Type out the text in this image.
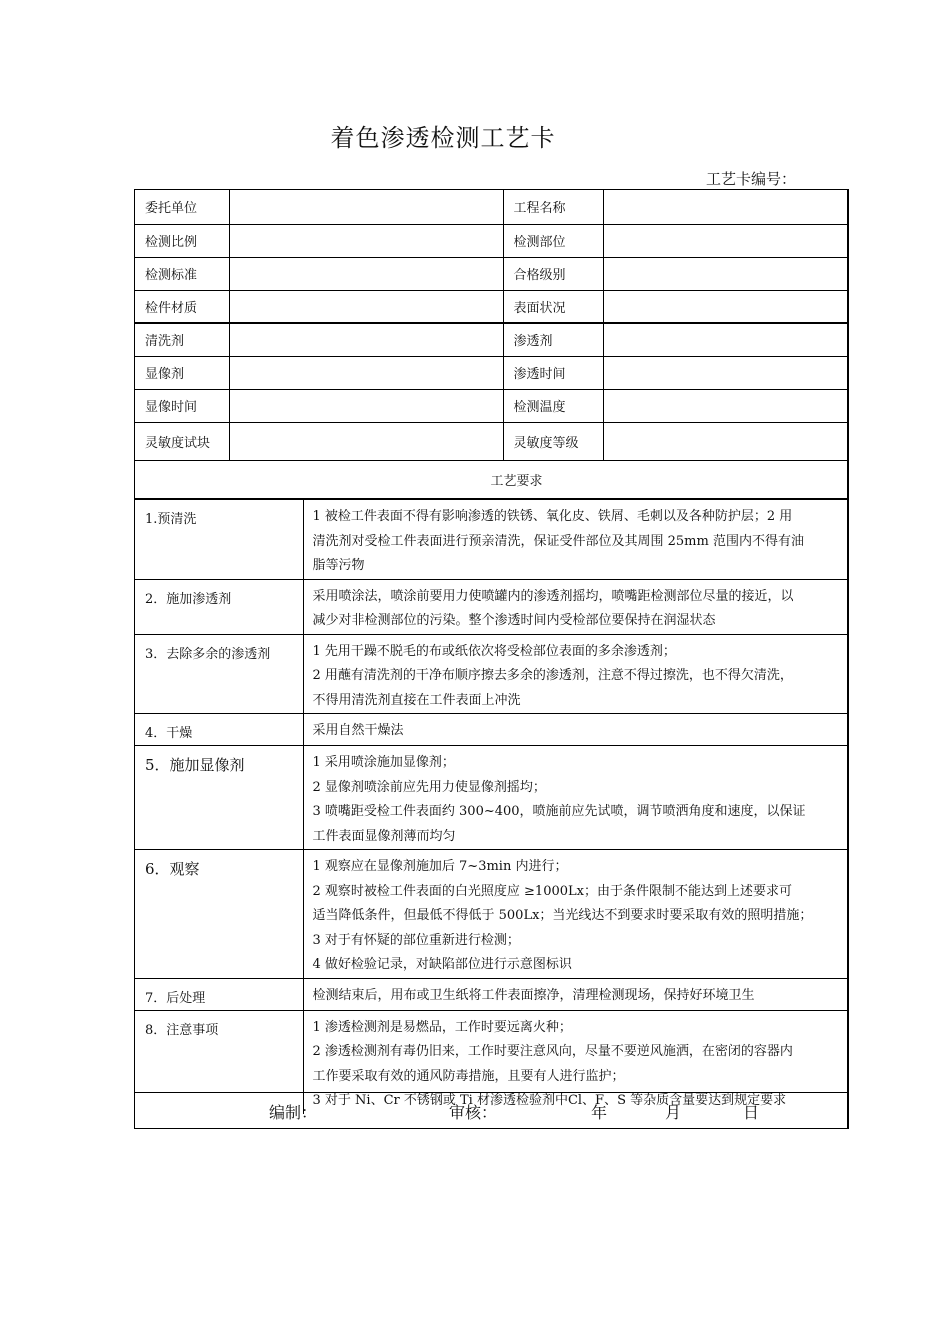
着色渗透检测工艺卡
工艺卡编号：
委托单位		工程名称	
检测比例		检测部位	
检测标准		合格级别	
检件材质		表面状况	
清洗剂		渗透剂	
显像剂		渗透时间	
显像时间		检测温度	
灵敏度试块		灵敏度等级	
工艺要求
1.预清洗	1 被检工件表面不得有影响渗透的铁锈、氧化皮、铁屑、毛刺以及各种防护层；2 用
清洗剂对受检工件表面进行预亲清洗，保证受件部位及其周围 25mm 范围内不得有油
脂等污物

2．施加渗透剂	采用喷涂法，喷涂前要用力使喷罐内的渗透剂摇均，喷嘴距检测部位尽量的接近，以
减少对非检测部位的污染。整个渗透时间内受检部位要保持在润湿状态

3．去除多余的渗透剂	1 先用干躁不脱毛的布或纸依次将受检部位表面的多余渗透剂；
2 用蘸有清洗剂的干净布顺序擦去多余的渗透剂，注意不得过擦洗，也不得欠清洗，
不得用清洗剂直接在工件表面上冲洗

4．干燥	采用自然干燥法

5．施加显像剂	1 采用喷涂施加显像剂；
2 显像剂喷涂前应先用力使显像剂摇均；
3 喷嘴距受检工件表面约 300~400，喷施前应先试喷，调节喷洒角度和速度，以保证
工件表面显像剂薄而均匀

6．观察	1 观察应在显像剂施加后 7~3min 内进行；
2 观察时被检工件表面的白光照度应 ≥1000Lx；由于条件限制不能达到上述要求可
适当降低条件，但最低不得低于 500Lx；当光线达不到要求时要采取有效的照明措施；
3 对于有怀疑的部位重新进行检测；
4 做好检验记录，对缺陷部位进行示意图标识

7．后处理	检测结束后，用布或卫生纸将工件表面擦净，清理检测现场，保持好环境卫生

8．注意事项	1 渗透检测剂是易燃品，工作时要远离火种；
2 渗透检测剂有毒仍旧来，工作时要注意风向，尽量不要逆风施洒，在密闭的容器内
工作要采取有效的通风防毒措施，且要有人进行监护；
3 对于 Ni、Cr 不锈钢或 Ti 材渗透检验剂中Cl、F、S 等杂质含量要达到规定要求
编制：	审核：	年	月	日
